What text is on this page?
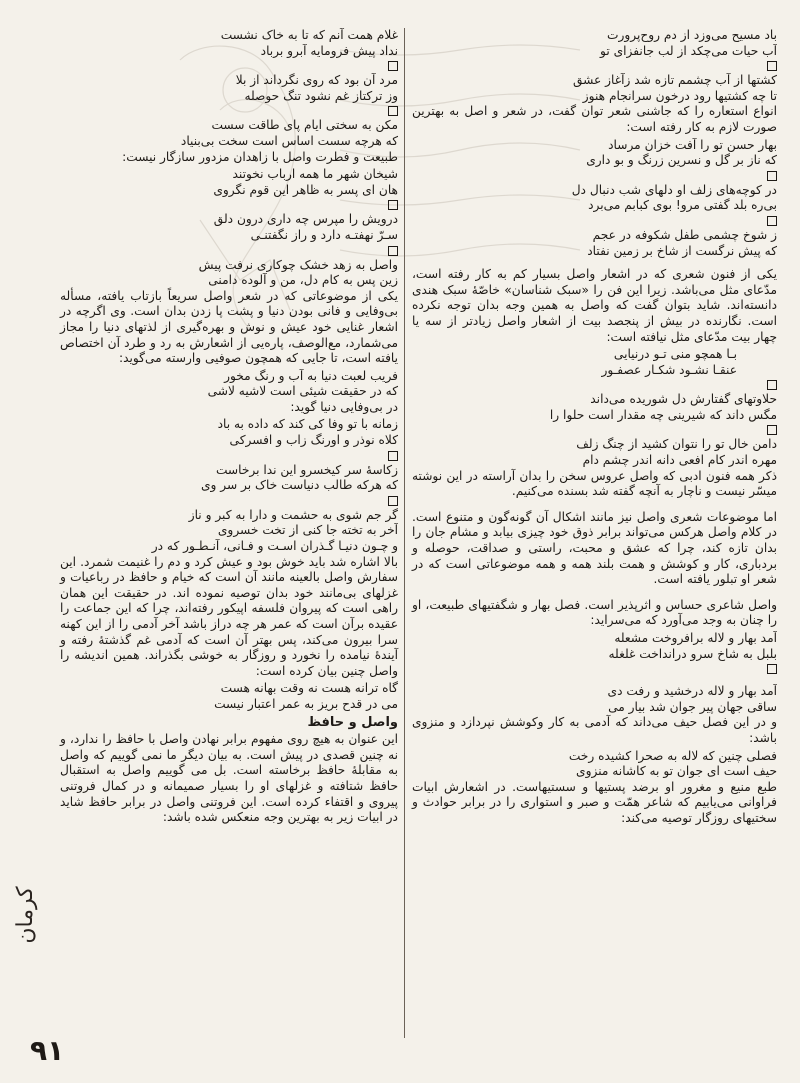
باد مسیح می‌وزد از دم روح‌پرورت
آب حیات می‌چکد از لب جانفزای تو
کشتها از آب چشمم تازه شد زآغاز عشق
تا چه کشتیها رود درخون سرانجام هنوز
انواع استعاره را که جاشنی شعر توان گفت، در شعر و اصل به بهترین صورت لازم به کار رفته است:
بهار حسن تو را آفت خزان مرساد
که ناز بر گل و نسرین زرنگ و بو داری
در کوچه‌های زلف او دلهای شب دنبال دل
بی‌ره بلد گفتی مرو! بوی کبابم می‌برد
ز شوخ چشمی طفل شکوفه در عجم
که پیش نرگست از شاخ بر زمین نفتاد
یکی از فنون شعری که در اشعار واصل بسیار کم به کار رفته است، مدّعای مثل می‌باشد. زیرا این فن را «سبک شناسان» خاصّهٔ سبک هندی دانسته‌اند. شاید بتوان گفت که واصل به همین وجه بدان توجه نکرده است. نگارنده در بیش از پنجصد بیت از اشعار واصل زیادتر از سه یا چهار بیت مدّعای مثل نیافته است:
بـا همچو منی تـو درنیایی
عنقـا نشـود شکـار عصفـور
حلاوتهای گفتارش دل شوریده می‌داند
مگس داند که شیرینی چه مقدار است حلوا را
دامن خال تو را نتوان کشید از چنگ زلف
مهره اندر کام افعی دانه اندر چشم دام
ذکر همه فنون ادبی که واصل عروس سخن را بدان آراسته در این نوشته میسّر نیست و ناچار به آنچه گفته شد بسنده می‌کنیم.
اما موضوعات شعری واصل نیز مانند اشکال آن گونه‌گون و متنوع است. در کلام واصل هرکس می‌تواند برابر ذوق خود چیزی بیابد و مشام جان را بدان تازه کند، چرا که عشق و محبت، راستی و صداقت، حوصله و بردباری، کار و کوشش و همت بلند همه و همه موضوعاتی است که در شعر او تبلور یافته است.
واصل شاعری حساس و اثرپذیر است. فصل بهار و شگفتیهای طبیعت، او را چنان به وجد می‌آورد که می‌سراید:
آمد بهار و لاله برافروخت مشعله
بلبل به شاخ سرو درانداخت غلغله
آمد بهار و لاله درخشید و رفت دی
ساقی جهان پیر جوان شد بیار می
و در این فصل حیف می‌داند که آدمی به کار وکوشش نپردازد و منزوی باشد:
فصلی چنین که لاله به صحرا کشیده رخت
حیف است ای جوان تو به کاشانه منزوی
طبع منیع و مغرور او برضد پستیها و سستیهاست. در اشعارش ابیات فراوانی می‌یابیم که شاعر همّت و صبر و استواری را در برابر حوادث و سختیهای روزگار توصیه می‌کند:
غلام همت آنم که تا به خاک نشست
نداد پیش فرومایه آبرو برباد
مرد آن بود که روی نگرداند از بلا
وز ترکتاز غم نشود تنگ حوصله
مکن به سختی ایام پای طاقت سست
که هرچه سست اساس است سخت بی‌بنیاد
طبیعت و فطرت واصل با زاهدان مزدور سازگار نیست:
شیخان شهر ما همه ارباب نخوتند
هان ای پسر به ظاهر این قوم نگروی
درویش را مپرس چه داری درون دلق
سـرّ نهفتـه دارد و راز نگفتنـی
واصل به زهد خشک چوکاری نرفت پیش
زین پس به کام دل، من و آلوده دامنی
یکی از موضوعاتی که در شعر واصل سریعاً بازتاب یافته، مسأله بی‌وفایی و فانی بودن دنیا و پشت پا زدن بدان است. وی اگرچه در اشعار غنایی خود عیش و نوش و بهره‌گیری از لذتهای دنیا را مجاز می‌شمارد، مع‌الوصف، پاره‌یی از اشعارش به رد و طرد آن اختصاص یافته است، تا جایی که همچون صوفیی وارسته می‌گوید:
فریب لعبت دنیا به آب و رنگ مخور
که در حقیقت شیئی است لاشیه لاشی
در بی‌وفایی دنیا گوید:
زمانه با تو وفا کی کند که داده به باد
کلاه نوذر و اورنگ زاب و افسرکی
زکاسهٔ سر کیخسرو این ندا برخاست
که هرکه طالب دنیاست خاک بر سر وی
گر جم شوی به حشمت و دارا به کبر و ناز
آخر به تخته جا کنی از تخت خسروی
و چـون دنیـا گـذران اسـت و فـانی، آنـطـور که در
بالا اشاره شد باید خوش بود و عیش کرد و دم را غنیمت شمرد. این سفارش واصل بالعینه مانند آن است که خیام و حافظ در رباعیات و غزلهای بی‌مانند خود بدان توصیه نموده اند. در حقیقت این همان راهی است که پیروان فلسفه اپیکور رفته‌اند، چرا که این جماعت را عقیده برآن است که عمر هر چه دراز باشد آخر آدمی را از این کهنه سرا بیرون می‌کند، پس بهتر آن است که آدمی غم گذشتهٔ رفته و آیندهٔ نیامده را نخورد و روزگار به خوشی بگذراند. همین اندیشه را واصل چنین بیان کرده است:
گاه ترانه هست نه وقت بهانه هست
می در قدح بریز به عمر اعتبار نیست
واصل و حافظ
این عنوان به هیچ روی مفهوم برابر نهادن واصل با حافظ را ندارد، و نه چنین قصدی در پیش است. به بیان دیگر ما نمی گوییم که واصل به مقابلهٔ حافظ برخاسته است. بل می گوییم واصل به استقبال حافظ شتافته و غزلهای او را بسیار صمیمانه و در کمال فروتنی پیروی و اقتفاء کرده است. این فروتنی واصل در برابر حافظ شاید در ابیات زیر به بهترین وجه منعکس شده باشد:
کرمان
۹۱
